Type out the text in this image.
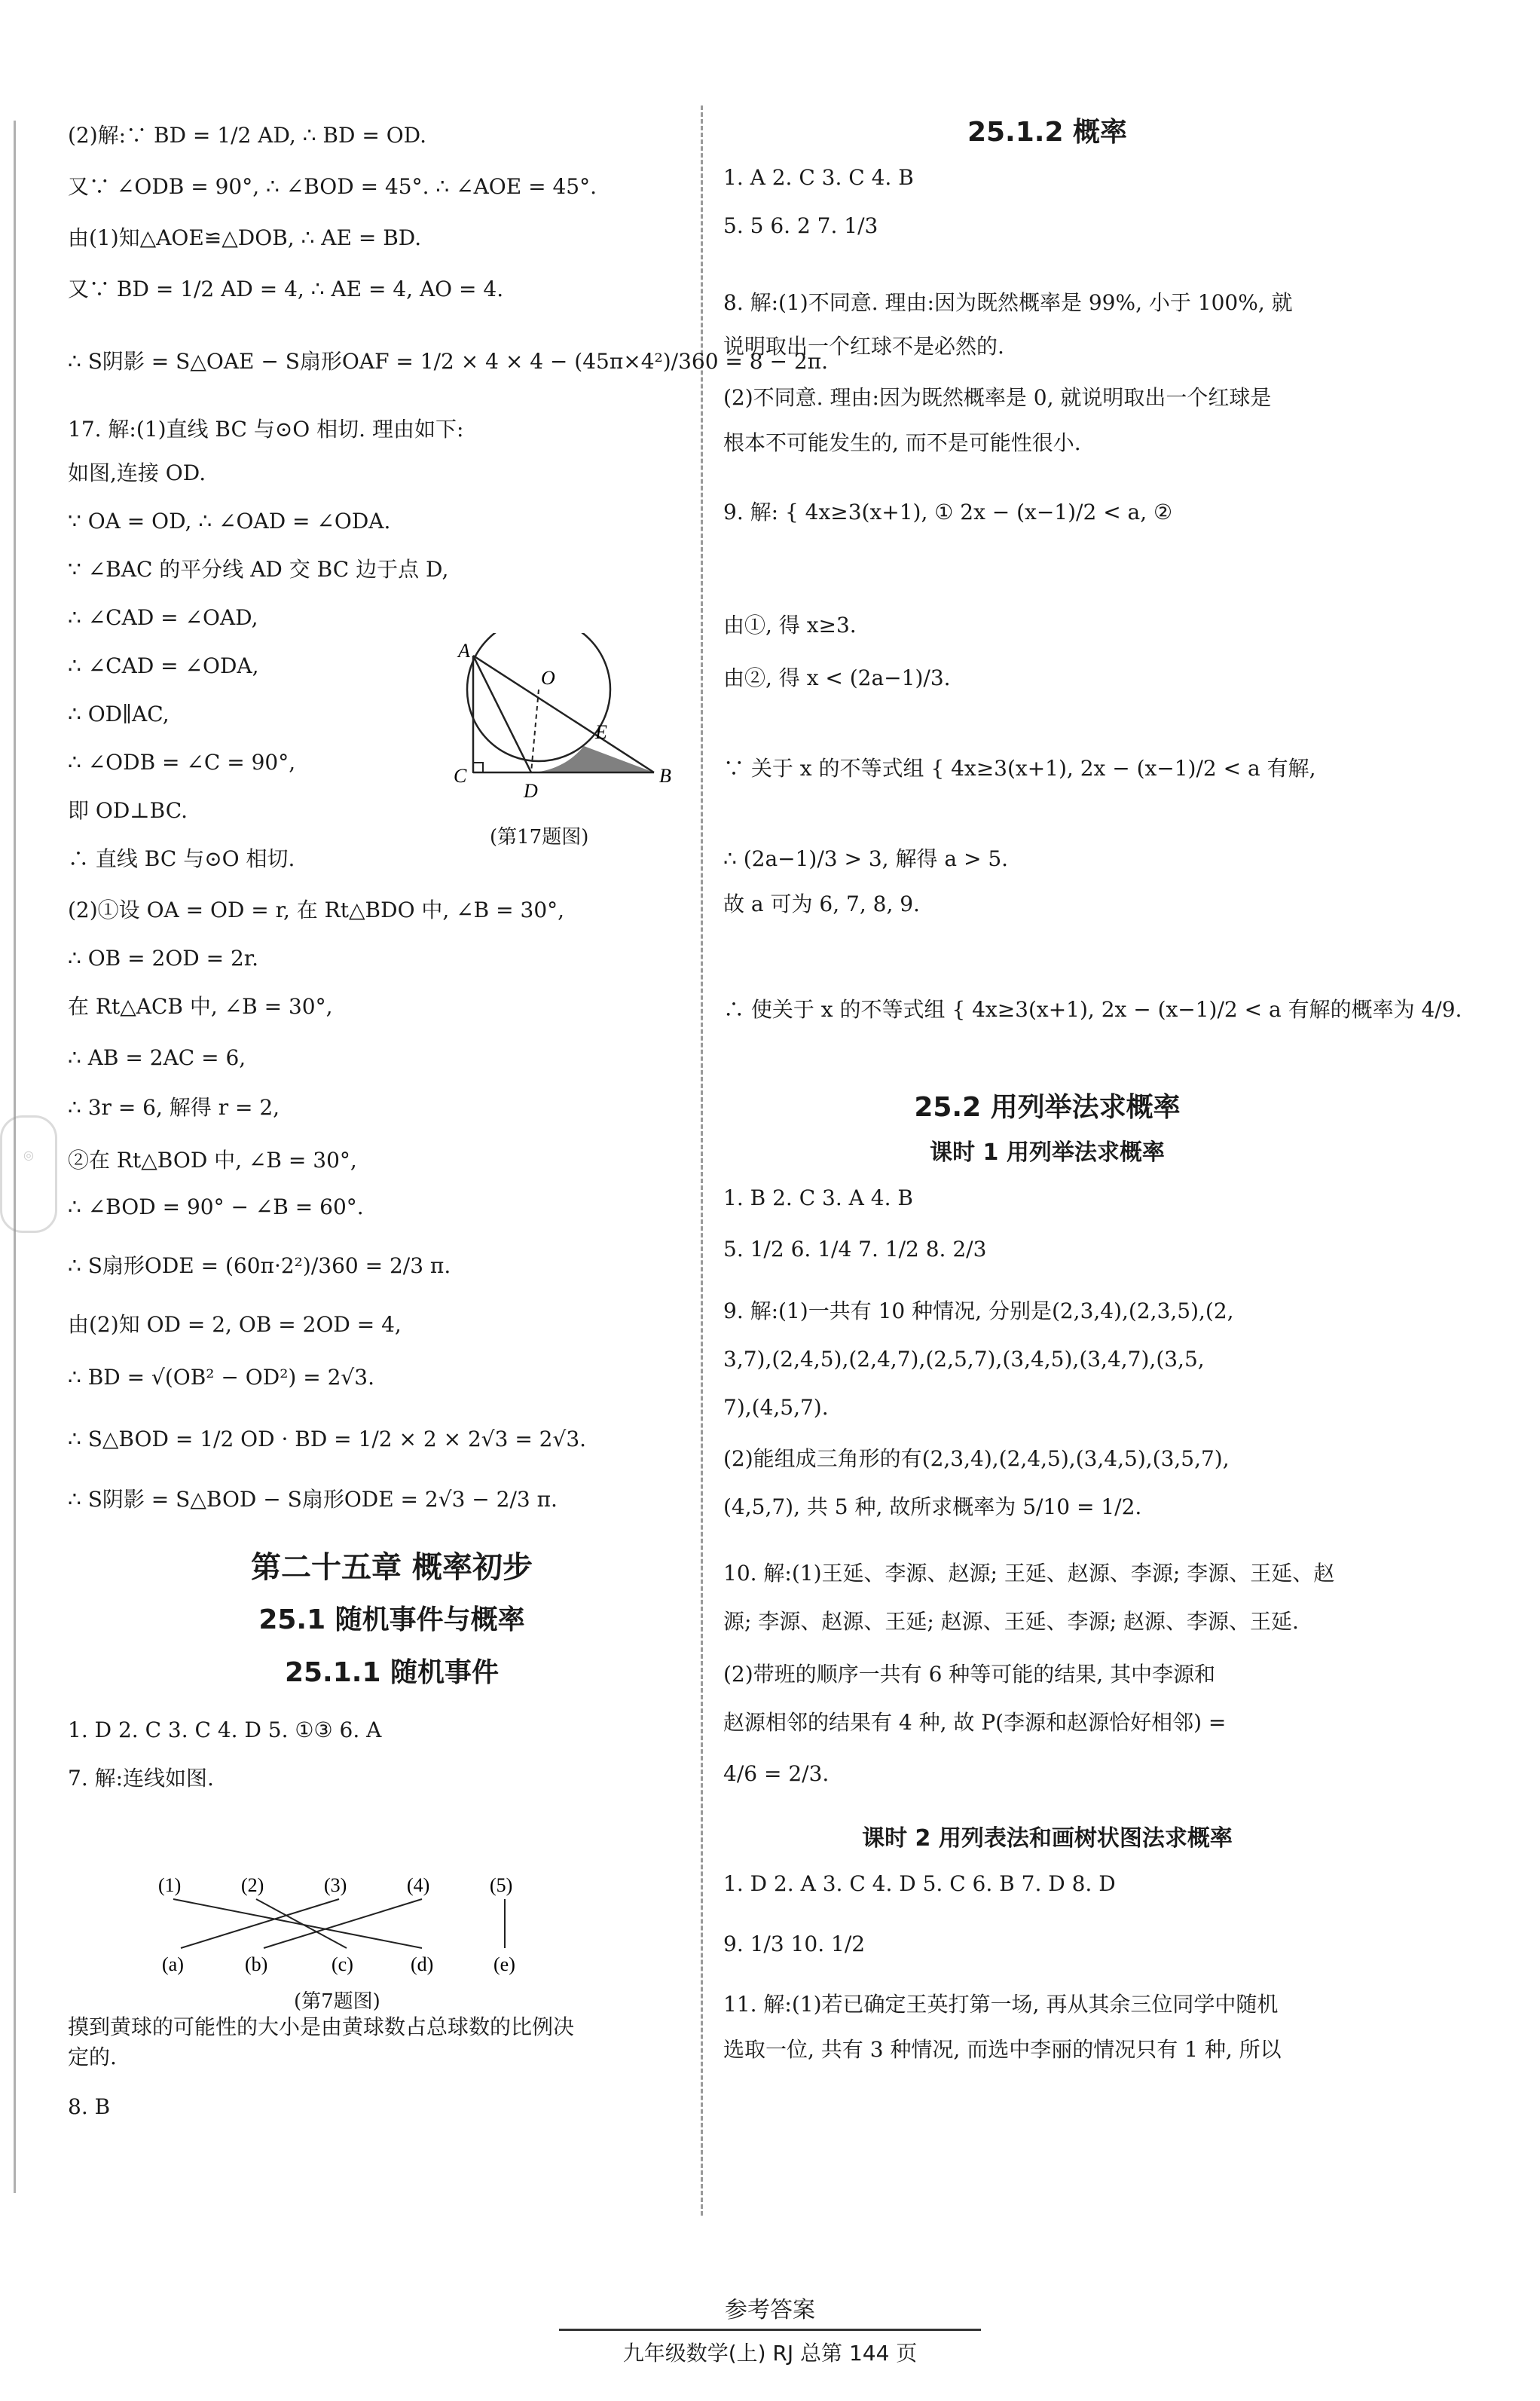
◎
(2)解:∵ BD = 1/2 AD, ∴ BD = OD.
又∵ ∠ODB = 90°, ∴ ∠BOD = 45°. ∴ ∠AOE = 45°.
由(1)知△AOE≌△DOB, ∴ AE = BD.
又∵ BD = 1/2 AD = 4, ∴ AE = 4, AO = 4.
∴ S阴影 = S△OAE − S扇形OAF = 1/2 × 4 × 4 − (45π×4²)/360 = 8 − 2π.
17. 解:(1)直线 BC 与⊙O 相切. 理由如下:
如图,连接 OD.
∵ OA = OD, ∴ ∠OAD = ∠ODA.
∵ ∠BAC 的平分线 AD 交 BC 边于点 D,
∴ ∠CAD = ∠OAD,
∴ ∠CAD = ∠ODA,
∴ OD∥AC,
∴ ∠ODB = ∠C = 90°,
即 OD⊥BC.
∴ 直线 BC 与⊙O 相切.
(2)①设 OA = OD = r, 在 Rt△BDO 中, ∠B = 30°,
∴ OB = 2OD = 2r.
在 Rt△ACB 中, ∠B = 30°,
∴ AB = 2AC = 6,
∴ 3r = 6, 解得 r = 2,
②在 Rt△BOD 中, ∠B = 30°,
∴ ∠BOD = 90° − ∠B = 60°.
∴ S扇形ODE = (60π·2²)/360 = 2/3 π.
由(2)知 OD = 2, OB = 2OD = 4,
∴ BD = √(OB² − OD²) = 2√3.
∴ S△BOD = 1/2 OD · BD = 1/2 × 2 × 2√3 = 2√3.
∴ S阴影 = S△BOD − S扇形ODE = 2√3 − 2/3 π.
第二十五章 概率初步
25.1 随机事件与概率
25.1.1 随机事件
1. D 2. C 3. C 4. D 5. ①③ 6. A
7. 解:连线如图.
摸到黄球的可能性的大小是由黄球数占总球数的比例决
定的.
8. B
25.1.2 概率
1. A 2. C 3. C 4. B
5. 5 6. 2 7. 1/3
8. 解:(1)不同意. 理由:因为既然概率是 99%, 小于 100%, 就
说明取出一个红球不是必然的.
(2)不同意. 理由:因为既然概率是 0, 就说明取出一个红球是
根本不可能发生的, 而不是可能性很小.
9. 解: { 4x≥3(x+1), ① 2x − (x−1)/2 < a, ②
由①, 得 x≥3.
由②, 得 x < (2a−1)/3.
∵ 关于 x 的不等式组 { 4x≥3(x+1), 2x − (x−1)/2 < a 有解,
∴ (2a−1)/3 > 3, 解得 a > 5.
故 a 可为 6, 7, 8, 9.
∴ 使关于 x 的不等式组 { 4x≥3(x+1), 2x − (x−1)/2 < a 有解的概率为 4/9.
25.2 用列举法求概率
课时 1 用列举法求概率
1. B 2. C 3. A 4. B
5. 1/2 6. 1/4 7. 1/2 8. 2/3
9. 解:(1)一共有 10 种情况, 分别是(2,3,4),(2,3,5),(2,
3,7),(2,4,5),(2,4,7),(2,5,7),(3,4,5),(3,4,7),(3,5,
7),(4,5,7).
(2)能组成三角形的有(2,3,4),(2,4,5),(3,4,5),(3,5,7),
(4,5,7), 共 5 种, 故所求概率为 5/10 = 1/2.
10. 解:(1)王延、李源、赵源; 王延、赵源、李源; 李源、王延、赵
源; 李源、赵源、王延; 赵源、王延、李源; 赵源、李源、王延.
(2)带班的顺序一共有 6 种等可能的结果, 其中李源和
赵源相邻的结果有 4 种, 故 P(李源和赵源恰好相邻) =
4/6 = 2/3.
课时 2 用列表法和画树状图法求概率
1. D 2. A 3. C 4. D 5. C 6. B 7. D 8. D
9. 1/3 10. 1/2
11. 解:(1)若已确定王英打第一场, 再从其余三位同学中随机
选取一位, 共有 3 种情况, 而选中李丽的情况只有 1 种, 所以
A
O
E
C
D
B
(第17题图)
(1)	(2)	(3)	(4)	(5)
(a)	(b)	(c)	(d)	(e)
(第7题图)
参考答案
九年级数学(上) RJ 总第 144 页
